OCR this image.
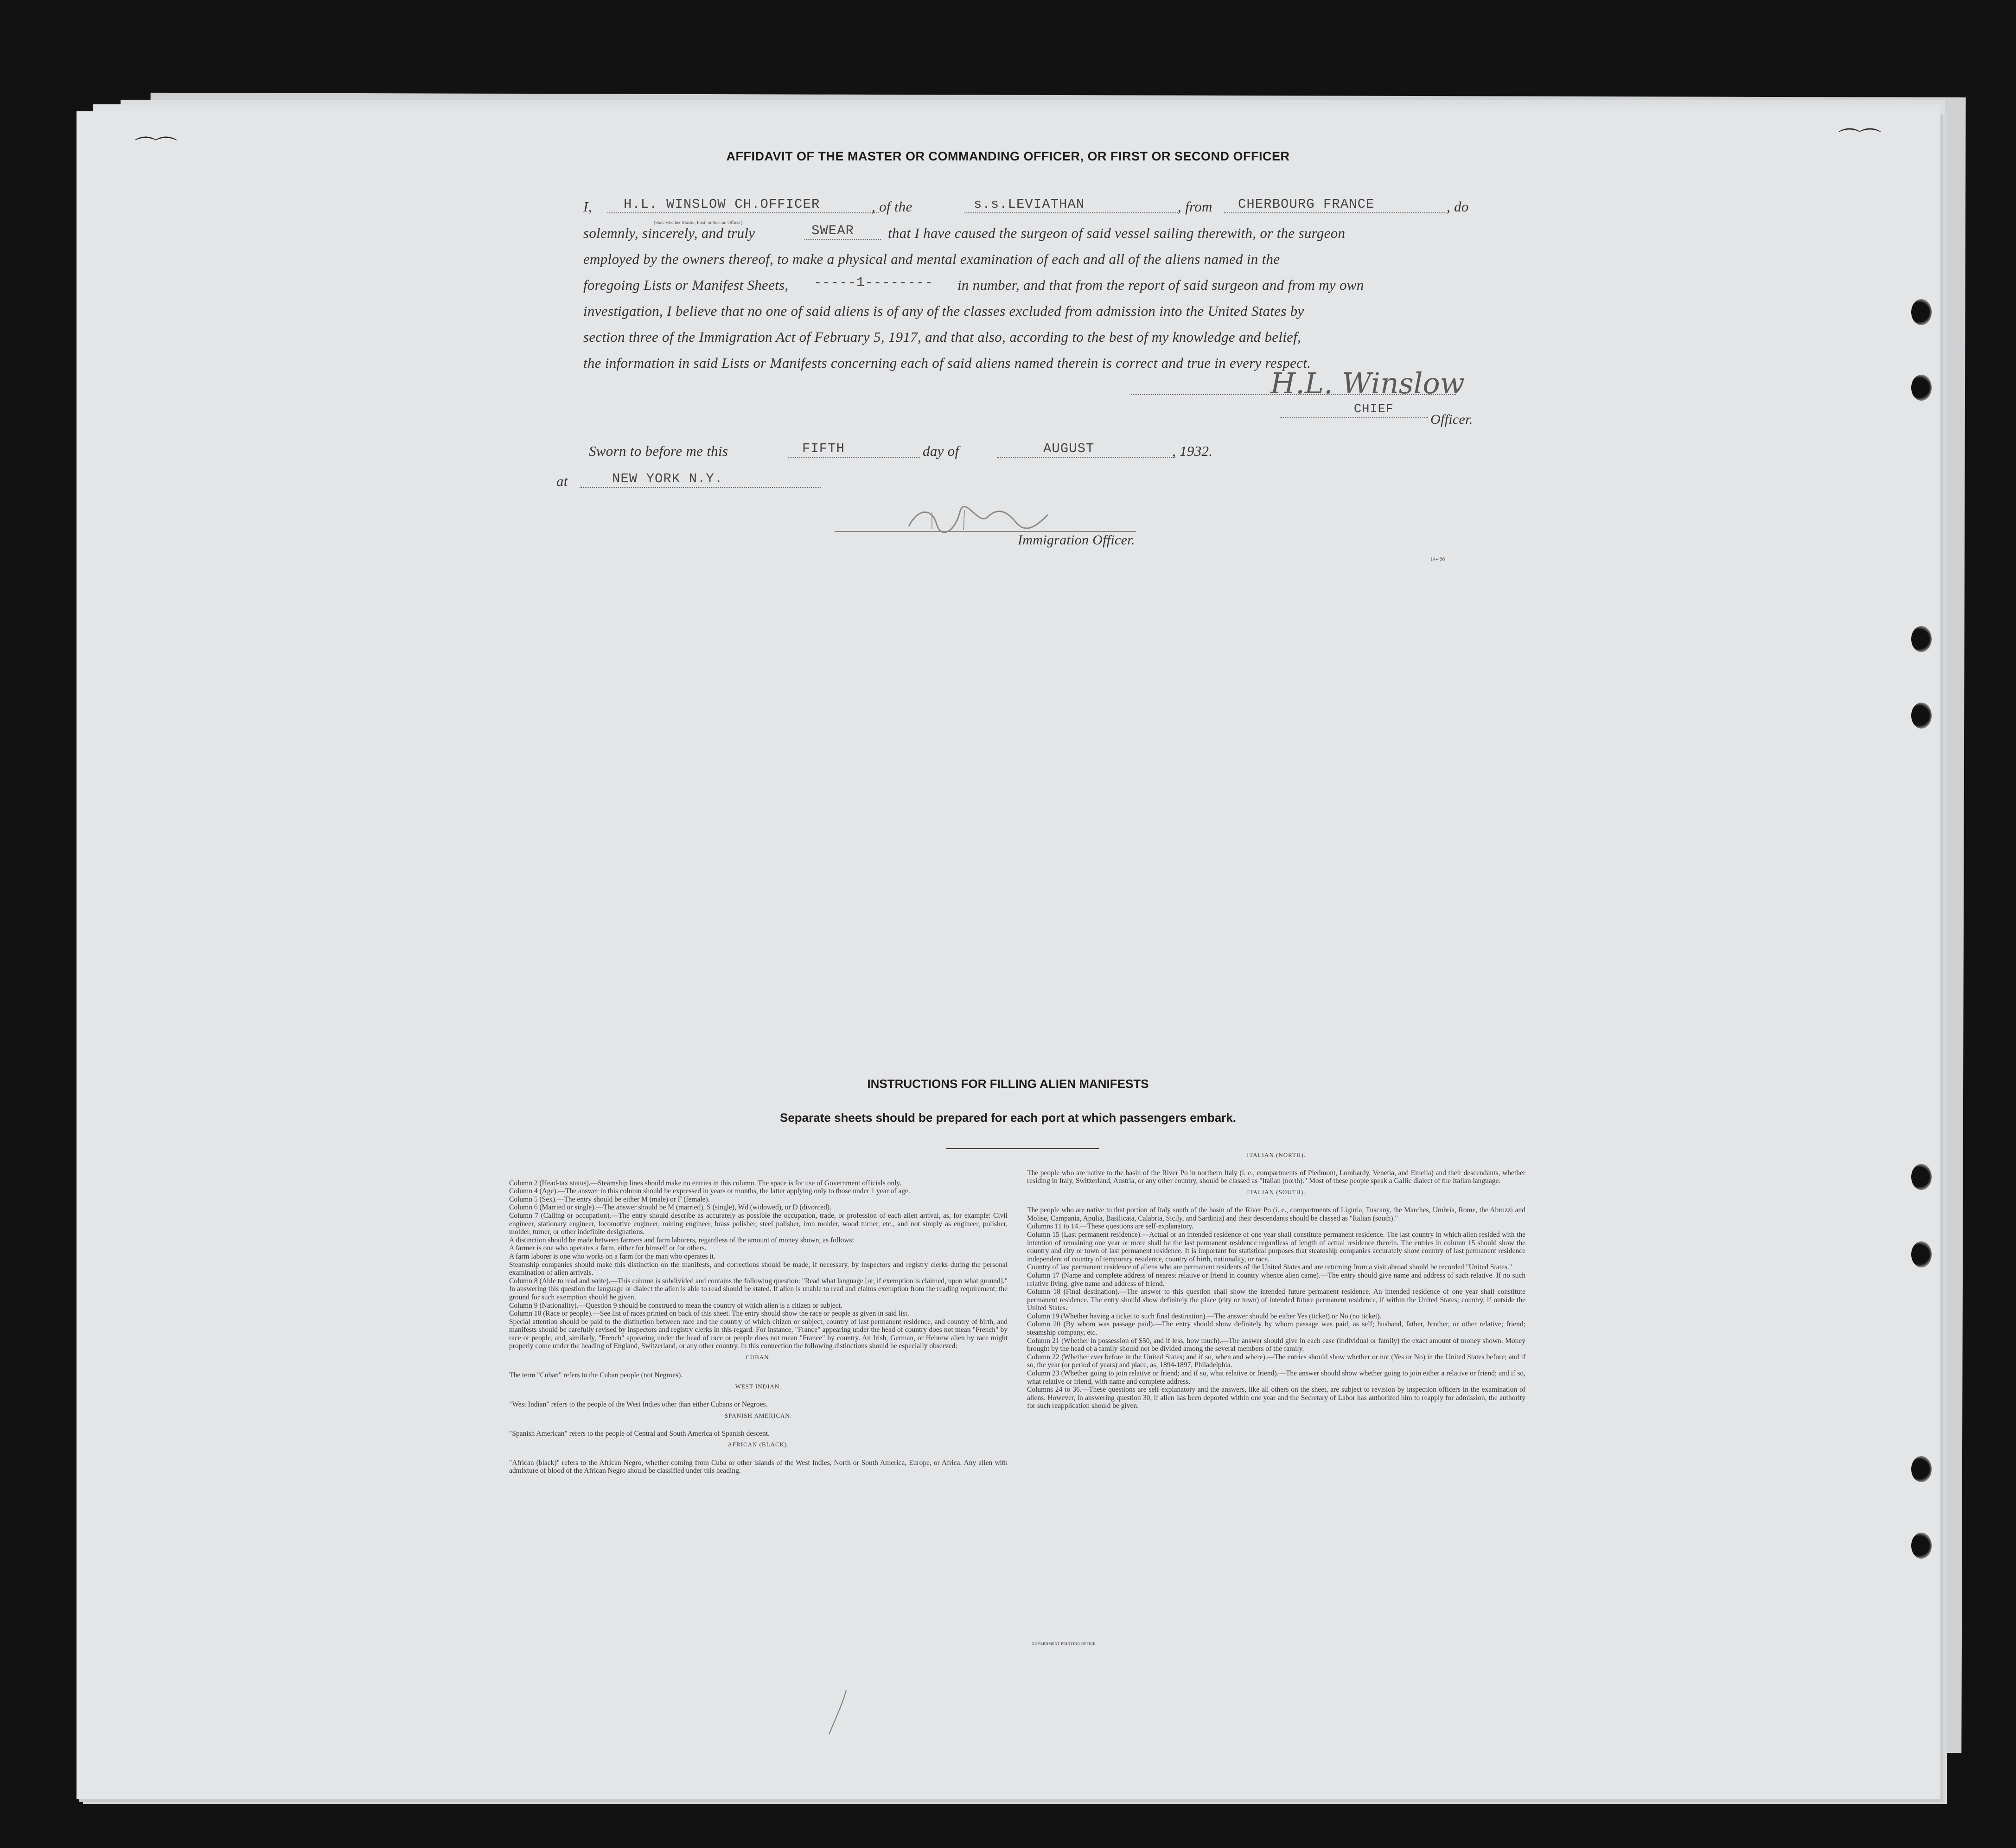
⌒⌒	⌒⌒
AFFIDAVIT OF THE MASTER OR COMMANDING OFFICER, OR FIRST OR SECOND OFFICER
I, H.L. WINSLOW CH.OFFICER	, of the	s.s.LEVIATHAN	, from CHERBOURG FRANCE	, do
(State whether Master, First, or Second Officer)
solemnly, sincerely, and truly	SWEAR that I have caused the surgeon of said vessel sailing therewith, or the surgeon
employed by the owners thereof, to make a physical and mental examination of each and all of the aliens named in the
foregoing Lists or Manifest Sheets, -----1-------- in number, and that from the report of said surgeon and from my own
investigation, I believe that no one of said aliens is of any of the classes excluded from admission into the United States by
section three of the Immigration Act of February 5, 1917, and that also, according to the best of my knowledge and belief,
the information in said Lists or Manifests concerning each of said aliens named therein is correct and true in every respect.
H.L. Winslow
CHIEF
Officer.
Sworn to before me this	FIFTH	day of	AUGUST	, 1932.
at	NEW YORK N.Y.
Immigration Officer.
14-496
INSTRUCTIONS FOR FILLING ALIEN MANIFESTS
Separate sheets should be prepared for each port at which passengers embark.

Column 2 (Head-tax status).—Steamship lines should make no entries in this column. The space is for use of Government officials only.
Column 4 (Age).—The answer in this column should be expressed in years or months, the latter applying only to those under 1 year of age.
Column 5 (Sex).—The entry should be either M (male) or F (female).
Column 6 (Married or single).—The answer should be M (married), S (single), Wd (widowed), or D (divorced).
Column 7 (Calling or occupation).—The entry should describe as accurately as possible the occupation, trade, or profession of each alien arrival, as, for example: Civil engineer, stationary engineer, locomotive engineer, mining engineer, brass polisher, steel polisher, iron molder, wood turner, etc., and not simply as engineer, polisher, molder, turner, or other indefinite designations.
A distinction should be made between farmers and farm laborers, regardless of the amount of money shown, as follows:
A farmer is one who operates a farm, either for himself or for others.
A farm laborer is one who works on a farm for the man who operates it.
Steamship companies should make this distinction on the manifests, and corrections should be made, if necessary, by inspectors and registry clerks during the personal examination of alien arrivals.
Column 8 (Able to read and write).—This column is subdivided and contains the following question: "Read what language [or, if exemption is claimed, upon what ground]." In answering this question the language or dialect the alien is able to read should be stated. If alien is unable to read and claims exemption from the reading requirement, the ground for such exemption should be given.
Column 9 (Nationality).—Question 9 should be construed to mean the country of which alien is a citizen or subject.
Column 10 (Race or people).—See list of races printed on back of this sheet. The entry should show the race or people as given in said list.
Special attention should be paid to the distinction between race and the country of which citizen or subject, country of last permanent residence, and country of birth, and manifests should be carefully revised by inspectors and registry clerks in this regard. For instance, "France" appearing under the head of country does not mean "French" by race or people, and, similarly, "French" appearing under the head of race or people does not mean "France" by country. An Irish, German, or Hebrew alien by race might properly come under the heading of England, Switzerland, or any other country. In this connection the following distinctions should be especially observed:

CUBAN.

The term "Cuban" refers to the Cuban people (not Negroes).

WEST INDIAN.

"West Indian" refers to the people of the West Indies other than either Cubans or Negroes.

SPANISH AMERICAN.

"Spanish American" refers to the people of Central and South America of Spanish descent.

AFRICAN (BLACK).

"African (black)" refers to the African Negro, whether coming from Cuba or other islands of the West Indies, North or South America, Europe, or Africa. Any alien with admixture of blood of the African Negro should be classified under this heading.

ITALIAN (NORTH).

The people who are native to the basin of the River Po in northern Italy (i. e., compartments of Piedmont, Lombardy, Venetia, and Emelia) and their descendants, whether residing in Italy, Switzerland, Austria, or any other country, should be classed as "Italian (north)." Most of these people speak a Gallic dialect of the Italian language.

ITALIAN (SOUTH).

The people who are native to that portion of Italy south of the basin of the River Po (i. e., compartments of Liguria, Tuscany, the Marches, Umbria, Rome, the Abruzzi and Molise, Campania, Apulia, Basilicata, Calabria, Sicily, and Sardinia) and their descendants should be classed as "Italian (south)."
Columns 11 to 14.—These questions are self-explanatory.
Column 15 (Last permanent residence).—Actual or an intended residence of one year shall constitute permanent residence. The last country in which alien resided with the intention of remaining one year or more shall be the last permanent residence regardless of length of actual residence therein. The entries in column 15 should show the country and city or town of last permanent residence. It is important for statistical purposes that steamship companies accurately show country of last permanent residence independent of country of temporary residence, country of birth, nationality, or race.
Country of last permanent residence of aliens who are permanent residents of the United States and are returning from a visit abroad should be recorded "United States."
Column 17 (Name and complete address of nearest relative or friend in country whence alien came).—The entry should give name and address of such relative. If no such relative living, give name and address of friend.
Column 18 (Final destination).—The answer to this question shall show the intended future permanent residence. An intended residence of one year shall constitute permanent residence. The entry should show definitely the place (city or town) of intended future permanent residence, if within the United States; country, if outside the United States.
Column 19 (Whether having a ticket to such final destination).—The answer should be either Yes (ticket) or No (no ticket).
Column 20 (By whom was passage paid).—The entry should show definitely by whom passage was paid, as self; husband, father, brother, or other relative; friend; steamship company, etc.
Column 21 (Whether in possession of $50, and if less, how much).—The answer should give in each case (individual or family) the exact amount of money shown. Money brought by the head of a family should not be divided among the several members of the family.
Column 22 (Whether ever before in the United States; and if so, when and where).—The entries should show whether or not (Yes or No) in the United States before; and if so, the year (or period of years) and place, as, 1894-1897, Philadelphia.
Column 23 (Whether going to join relative or friend; and if so, what relative or friend).—The answer should show whether going to join either a relative or friend; and if so, what relative or friend, with name and complete address.
Columns 24 to 36.—These questions are self-explanatory and the answers, like all others on the sheet, are subject to revision by inspection officers in the examination of aliens. However, in answering question 30, if alien has been deported within one year and the Secretary of Labor has authorized him to reapply for admission, the authority for such reapplication should be given.

GOVERNMENT PRINTING OFFICE
